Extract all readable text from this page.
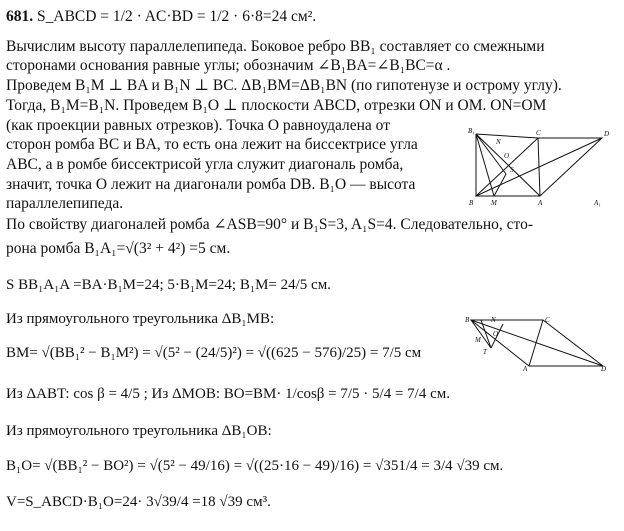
681. S_ABCD = 1/2 · AC·BD = 1/2 · 6·8=24 см².
Вычислим высоту параллелепипеда. Боковое ребро BB₁ составляет со смежными
сторонами основания равные углы; обозначим ∠B₁BA=∠B₁BC=α .
Проведем B₁M ⊥ BA и B₁N ⊥ BC. ΔB₁BM=ΔB₁BN (по гипотенузе и острому углу).
Тогда, B₁M=B₁N. Проведем B₁O ⊥ плоскости ABCD, отрезки ON и OM. ON=OM
(как проекции равных отрезков). Точка O равноудалена от
сторон ромба BC и BA, то есть она лежит на биссектрисе угла
ABC, а в ромбе биссектрисой угла служит диагональ ромба,
значит, точка O лежит на диагонали ромба DB. B₁O — высота
параллелепипеда.
По свойству диагоналей ромба ∠ASB=90° и B₁S=3, A₁S=4. Следовательно, сто-
рона ромба B₁A₁=√(3² + 4²) =5 см.
S BB₁A₁A =BA·B₁M=24; 5·B₁M=24; B₁M= 24/5 см.
Из прямоугольного треугольника ΔB₁MB:
BM= √(BB₁² − B₁M²) = √(5² − (24/5)²) = √((625 − 576)/25) = 7/5 см
Из ΔABT: cos β = 4/5 ; Из ΔMOB: BO=BM· 1/cosβ = 7/5 · 5/4 = 7/4 см.
Из прямоугольного треугольника ΔB₁OB:
B₁O= √(BB₁² − BO²) = √(5² − 49/16) = √((25·16 − 49)/16) = √351/4 = 3/4 √39 см.
V=S_ABCD·B₁O=24· 3√39/4 =18 √39 см³.
B₁
B	M	A
C	D
O
S
A₁
N
B	N
M
O
T
A
C
D
